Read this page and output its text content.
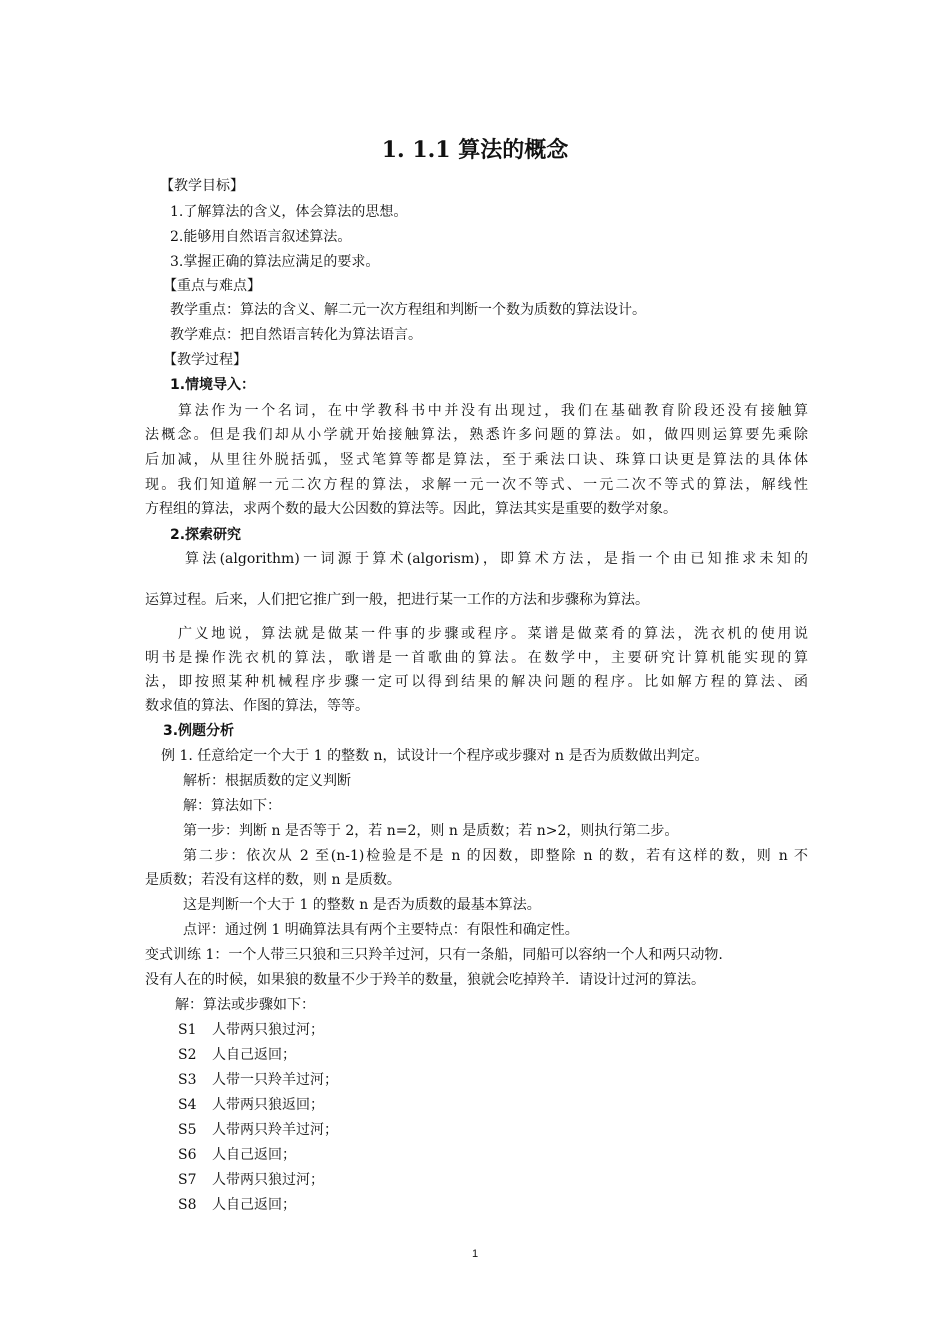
1. 1.1 算法的概念
【教学目标】
1.了解算法的含义，体会算法的思想。
2.能够用自然语言叙述算法。
3.掌握正确的算法应满足的要求。
【重点与难点】
教学重点：算法的含义、解二元一次方程组和判断一个数为质数的算法设计。
教学难点：把自然语言转化为算法语言。
【教学过程】
1.情境导入：
算法作为一个名词，在中学教科书中并没有出现过，我们在基础教育阶段还没有接触算
法概念。但是我们却从小学就开始接触算法，熟悉许多问题的算法。如，做四则运算要先乘除
后加减，从里往外脱括弧，竖式笔算等都是算法，至于乘法口诀、珠算口诀更是算法的具体体
现。我们知道解一元二次方程的算法，求解一元一次不等式、一元二次不等式的算法，解线性
方程组的算法，求两个数的最大公因数的算法等。因此，算法其实是重要的数学对象。
2.探索研究
算法(algorithm)一词源于算术(algorism)，即算术方法，是指一个由已知推求未知的
运算过程。后来，人们把它推广到一般，把进行某一工作的方法和步骤称为算法。
广义地说，算法就是做某一件事的步骤或程序。菜谱是做菜肴的算法，洗衣机的使用说
明书是操作洗衣机的算法，歌谱是一首歌曲的算法。在数学中，主要研究计算机能实现的算
法，即按照某种机械程序步骤一定可以得到结果的解决问题的程序。比如解方程的算法、函
数求值的算法、作图的算法，等等。
3.例题分析
例 1. 任意给定一个大于 1 的整数 n，试设计一个程序或步骤对 n 是否为质数做出判定。
解析：根据质数的定义判断
解：算法如下：
第一步：判断 n 是否等于 2，若 n=2，则 n 是质数；若 n>2，则执行第二步。
第二步：依次从 2 至(n-1)检验是不是 n 的因数，即整除 n 的数，若有这样的数，则 n 不
是质数；若没有这样的数，则 n 是质数。
这是判断一个大于 1 的整数 n 是否为质数的最基本算法。
点评：通过例 1 明确算法具有两个主要特点：有限性和确定性。
变式训练 1：一个人带三只狼和三只羚羊过河，只有一条船，同船可以容纳一个人和两只动物.
没有人在的时候，如果狼的数量不少于羚羊的数量，狼就会吃掉羚羊．请设计过河的算法。
解：算法或步骤如下：
S1 人带两只狼过河；
S2 人自己返回；
S3 人带一只羚羊过河；
S4 人带两只狼返回；
S5 人带两只羚羊过河；
S6 人自己返回；
S7 人带两只狼过河；
S8 人自己返回；
1
